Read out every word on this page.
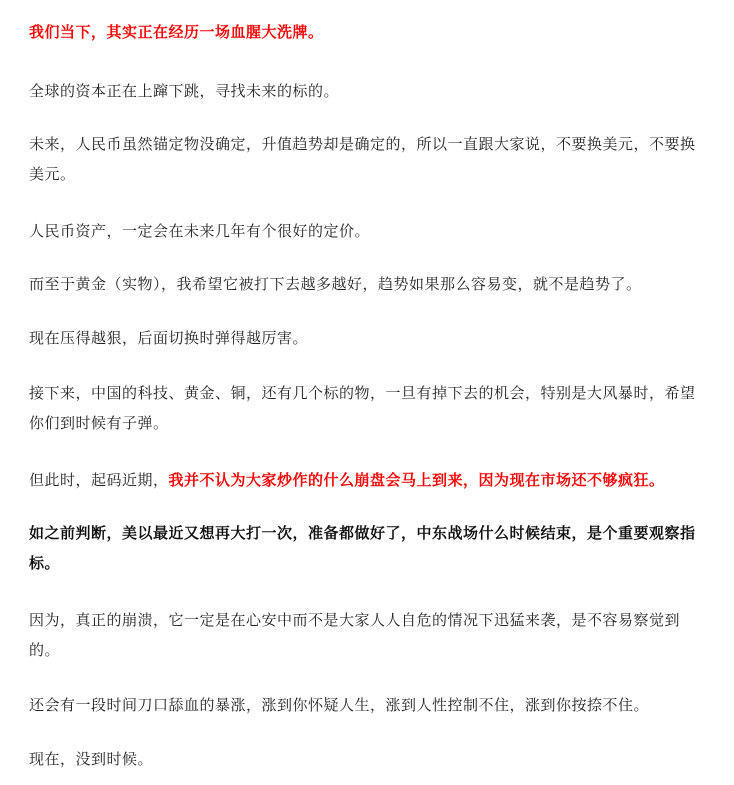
我们当下，其实正在经历一场血腥大洗牌。

全球的资本正在上蹿下跳，寻找未来的标的。

未来，人民币虽然锚定物没确定，升值趋势却是确定的，所以一直跟大家说，不要换美元，不要换美元。

人民币资产，一定会在未来几年有个很好的定价。

而至于黄金（实物），我希望它被打下去越多越好，趋势如果那么容易变，就不是趋势了。

现在压得越狠，后面切换时弹得越厉害。

接下来，中国的科技、黄金、铜，还有几个标的物，一旦有掉下去的机会，特别是大风暴时，希望你们到时候有子弹。

但此时，起码近期，我并不认为大家炒作的什么崩盘会马上到来，因为现在市场还不够疯狂。

如之前判断，美以最近又想再大打一次，准备都做好了，中东战场什么时候结束，是个重要观察指标。

因为，真正的崩溃，它一定是在心安中而不是大家人人自危的情况下迅猛来袭，是不容易察觉到的。

还会有一段时间刀口舔血的暴涨，涨到你怀疑人生，涨到人性控制不住，涨到你按捺不住。

现在，没到时候。
